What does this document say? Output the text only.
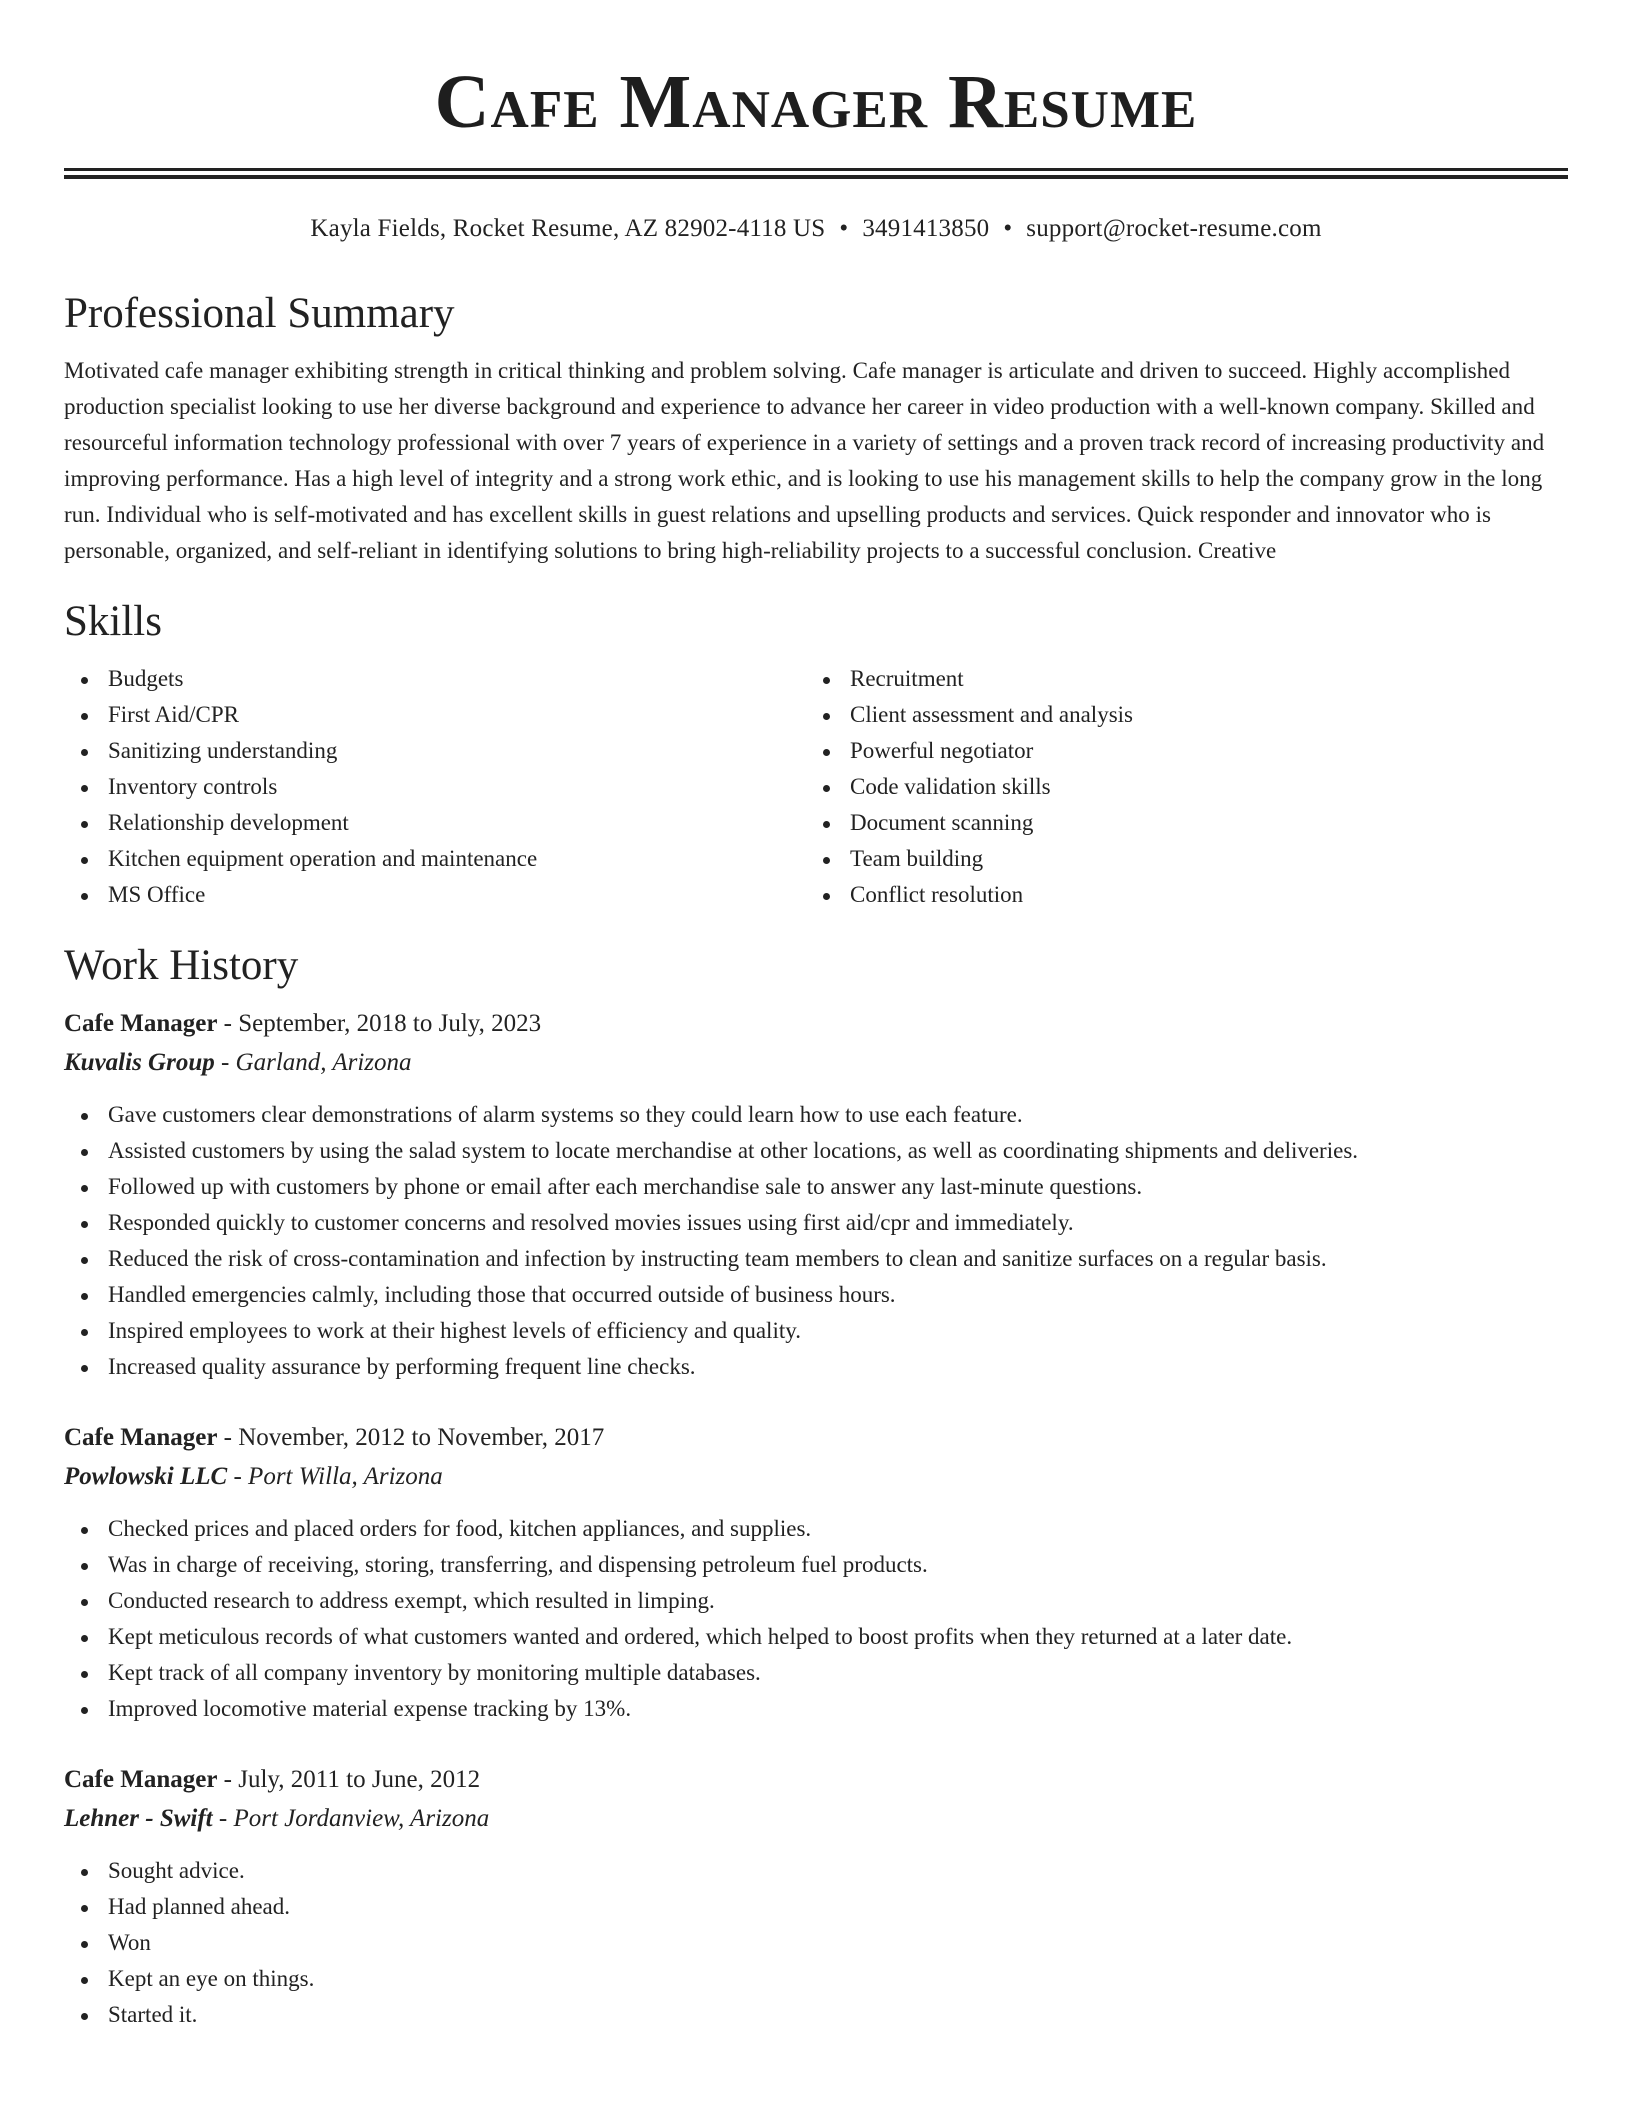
Cafe Manager Resume
Kayla Fields, Rocket Resume, AZ 82902-4118 US • 3491413850 • support@rocket-resume.com
Professional Summary

Motivated cafe manager exhibiting strength in critical thinking and problem solving. Cafe manager is articulate and driven to succeed. Highly accomplished production specialist looking to use her diverse background and experience to advance her career in video production with a well-known company. Skilled and resourceful information technology professional with over 7 years of experience in a variety of settings and a proven track record of increasing productivity and improving performance. Has a high level of integrity and a strong work ethic, and is looking to use his management skills to help the company grow in the long run. Individual who is self-motivated and has excellent skills in guest relations and upselling products and services. Quick responder and innovator who is personable, organized, and self-reliant in identifying solutions to bring high-reliability projects to a successful conclusion. Creative

Skills
Budgets
First Aid/CPR
Sanitizing understanding
Inventory controls
Relationship development
Kitchen equipment operation and maintenance
MS Office
Recruitment
Client assessment and analysis
Powerful negotiator
Code validation skills
Document scanning
Team building
Conflict resolution
Work History
Cafe Manager - September, 2018 to July, 2023
Kuvalis Group - Garland, Arizona
Gave customers clear demonstrations of alarm systems so they could learn how to use each feature.
Assisted customers by using the salad system to locate merchandise at other locations, as well as coordinating shipments and deliveries.
Followed up with customers by phone or email after each merchandise sale to answer any last-minute questions.
Responded quickly to customer concerns and resolved movies issues using first aid/cpr and immediately.
Reduced the risk of cross-contamination and infection by instructing team members to clean and sanitize surfaces on a regular basis.
Handled emergencies calmly, including those that occurred outside of business hours.
Inspired employees to work at their highest levels of efficiency and quality.
Increased quality assurance by performing frequent line checks.
Cafe Manager - November, 2012 to November, 2017
Powlowski LLC - Port Willa, Arizona
Checked prices and placed orders for food, kitchen appliances, and supplies.
Was in charge of receiving, storing, transferring, and dispensing petroleum fuel products.
Conducted research to address exempt, which resulted in limping.
Kept meticulous records of what customers wanted and ordered, which helped to boost profits when they returned at a later date.
Kept track of all company inventory by monitoring multiple databases.
Improved locomotive material expense tracking by 13%.
Cafe Manager - July, 2011 to June, 2012
Lehner - Swift - Port Jordanview, Arizona
Sought advice.
Had planned ahead.
Won
Kept an eye on things.
Started it.
